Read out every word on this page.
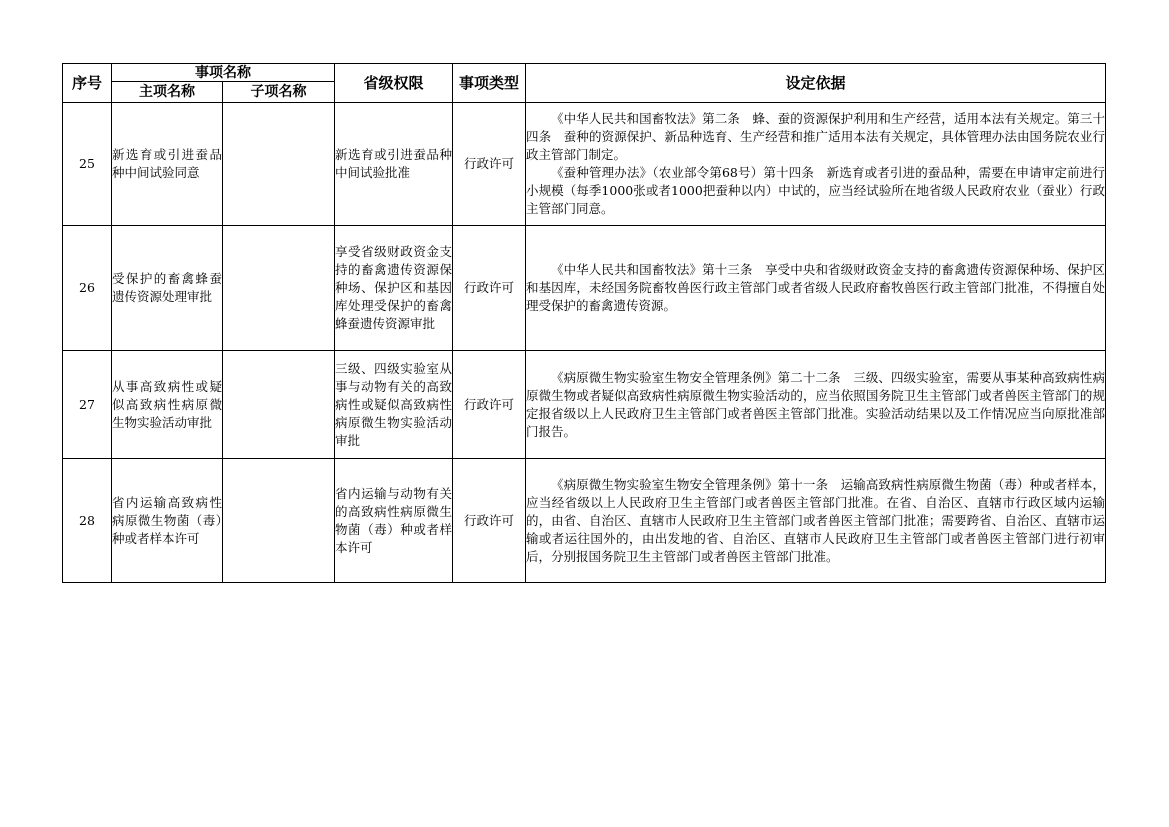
序号	事项名称		省级权限	事项类型	设定依据
	主项名称	子项名称			
25	新选育或引进蚕品种中间试验同意		新选育或引进蚕品种中间试验批准	行政许可	《中华人民共和国畜牧法》第二条　蜂、蚕的资源保护利用和生产经营，适用本法有关规定。第三十四条　蚕种的资源保护、新品种选育、生产经营和推广适用本法有关规定，具体管理办法由国务院农业行政主管部门制定。

《蚕种管理办法》（农业部令第68号）第十四条　新选育或者引进的蚕品种，需要在申请审定前进行小规模（每季1000张或者1000把蚕种以内）中试的，应当经试验所在地省级人民政府农业（蚕业）行政主管部门同意。

26	受保护的畜禽蜂蚕遗传资源处理审批		享受省级财政资金支持的畜禽遗传资源保种场、保护区和基因库处理受保护的畜禽蜂蚕遗传资源审批	行政许可	《中华人民共和国畜牧法》第十三条　享受中央和省级财政资金支持的畜禽遗传资源保种场、保护区和基因库，未经国务院畜牧兽医行政主管部门或者省级人民政府畜牧兽医行政主管部门批准，不得擅自处理受保护的畜禽遗传资源。

27	从事高致病性或疑似高致病性病原微生物实验活动审批		三级、四级实验室从事与动物有关的高致病性或疑似高致病性病原微生物实验活动审批	行政许可	《病原微生物实验室生物安全管理条例》第二十二条　三级、四级实验室，需要从事某种高致病性病原微生物或者疑似高致病性病原微生物实验活动的，应当依照国务院卫生主管部门或者兽医主管部门的规定报省级以上人民政府卫生主管部门或者兽医主管部门批准。实验活动结果以及工作情况应当向原批准部门报告。

28	省内运输高致病性病原微生物菌（毒）种或者样本许可		省内运输与动物有关的高致病性病原微生物菌（毒）种或者样本许可	行政许可	《病原微生物实验室生物安全管理条例》第十一条　运输高致病性病原微生物菌（毒）种或者样本，应当经省级以上人民政府卫生主管部门或者兽医主管部门批准。在省、自治区、直辖市行政区域内运输的，由省、自治区、直辖市人民政府卫生主管部门或者兽医主管部门批准；需要跨省、自治区、直辖市运输或者运往国外的，由出发地的省、自治区、直辖市人民政府卫生主管部门或者兽医主管部门进行初审后，分别报国务院卫生主管部门或者兽医主管部门批准。
